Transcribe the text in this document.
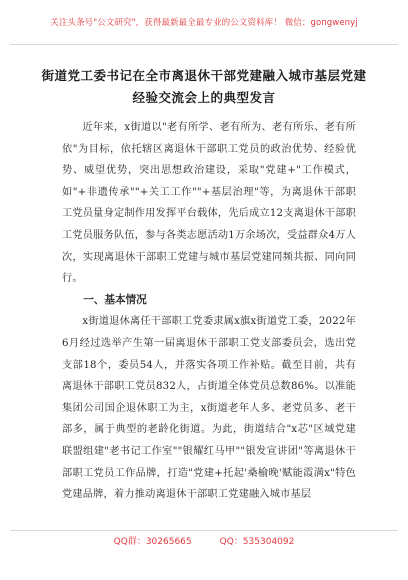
关注头条号"公文研究"，获得最新最全最专业的公文资料库！ 微信：gongwenyj
街道党工委书记在全市离退休干部党建融入城市基层党建
经验交流会上的典型发言

近年来，x街道以"老有所学、老有所为、老有所乐、老有所依"为目标，依托辖区离退休干部职工党员的政治优势、经验优势、威望优势，突出思想政治建设，采取"党建+"工作模式，如"+非遗传承""+关工工作""+基层治理"等，为离退休干部职工党员量身定制作用发挥平台载体，先后成立12支离退休干部职工党员服务队伍，参与各类志愿活动1万余场次，受益群众4万人次，实现离退休干部职工党建与城市基层党建同频共振、同向同行。

一、基本情况

x街道退休离任干部职工党委隶属x旗x街道党工委，2022年6月经过选举产生第一届离退休干部职工党支部委员会，选出党支部18个，委员54人，并落实各项工作补贴。截至目前，共有离退休干部职工党员832人，占街道全体党员总数86%。以准能集团公司国企退休职工为主，x街道老年人多、老党员多、老干部多，属于典型的老龄化街道。为此，街道结合"x芯"区域党建联盟组建"老书记工作室""银耀红马甲""银发宣讲团"等离退休干部职工党员工作品牌，打造"党建+托起'桑榆晚'赋能霞满x"特色党建品牌，着力推动离退休干部职工党建融入城市基层

QQ群：30265665	QQ：535304092
